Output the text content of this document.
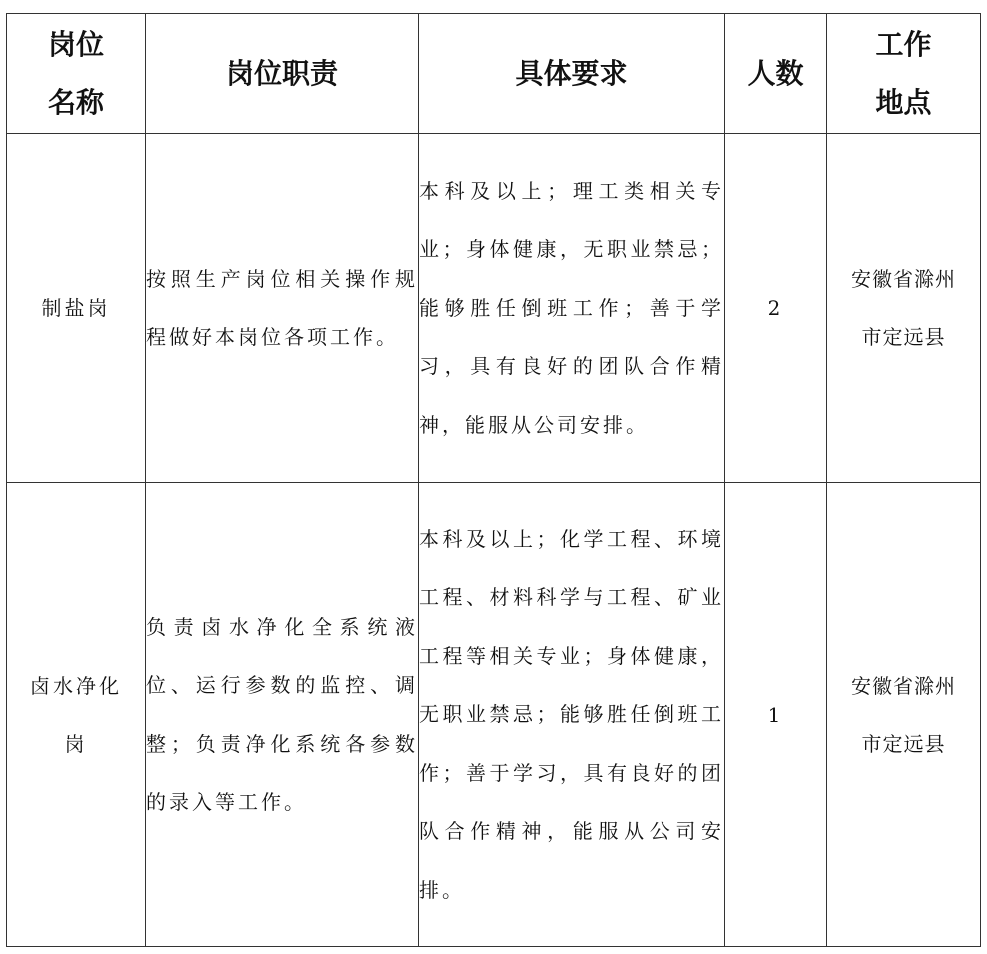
岗位名称	岗位职责	具体要求	人数	工作地点
制盐岗	按照生产岗位相关操作规程做好本岗位各项工作。	本科及以上；理工类相关专业；身体健康，无职业禁忌；能够胜任倒班工作；善于学习，具有良好的团队合作精神，能服从公司安排。	2	安徽省滁州市定远县
卤水净化岗	负责卤水净化全系统液位、运行参数的监控、调整；负责净化系统各参数的录入等工作。	本科及以上；化学工程、环境工程、材料科学与工程、矿业工程等相关专业；身体健康，无职业禁忌；能够胜任倒班工作；善于学习，具有良好的团队合作精神，能服从公司安排。	1	安徽省滁州市定远县
